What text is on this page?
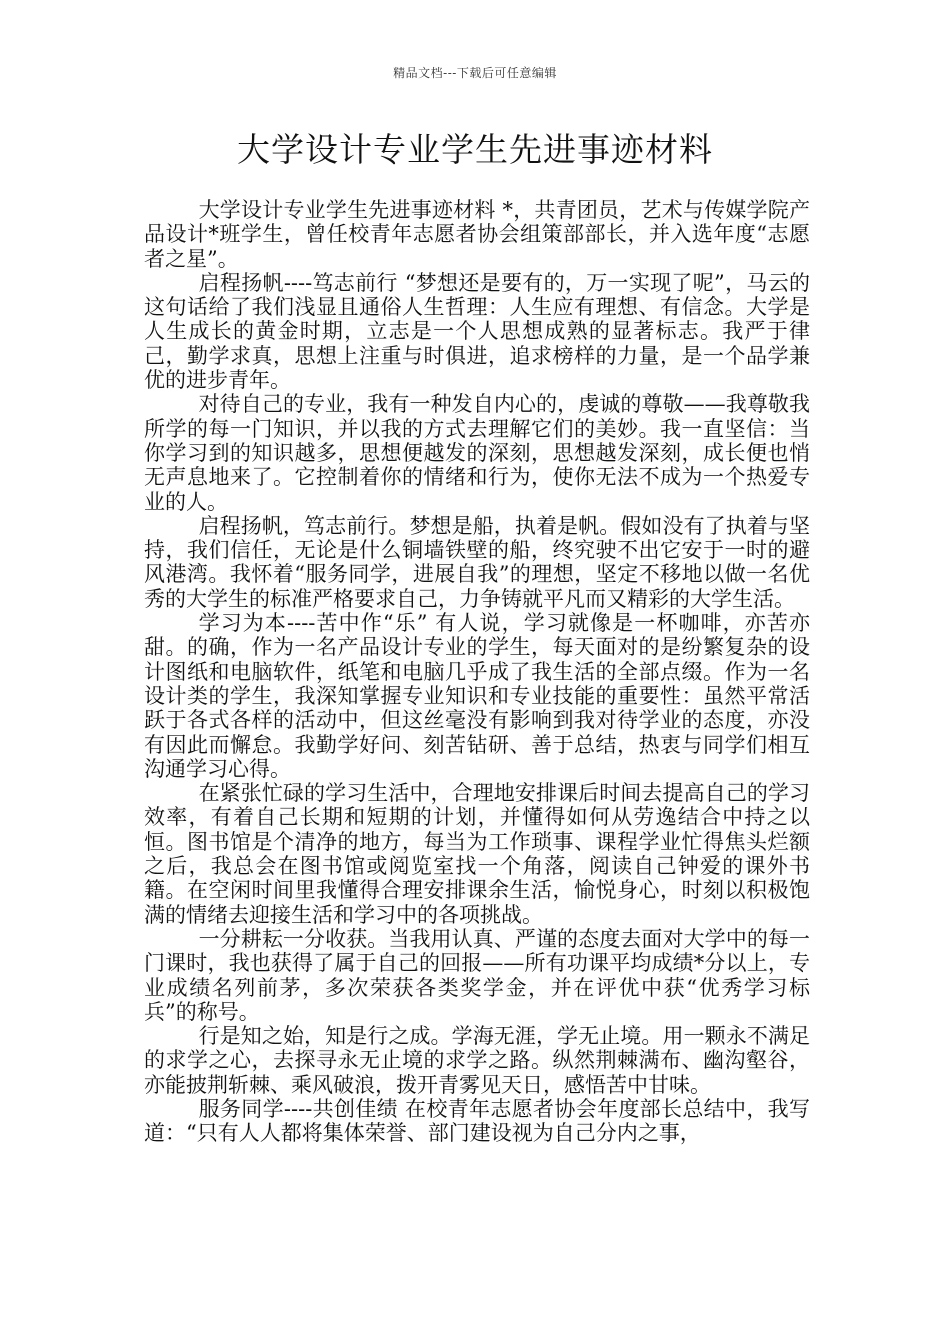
精品文档---下载后可任意编辑
大学设计专业学生先进事迹材料

大学设计专业学生先进事迹材料 *，共青团员，艺术与传媒学院产品设计*班学生，曾任校青年志愿者协会组策部部长，并入选年度“志愿者之星”。

启程扬帆----笃志前行 “梦想还是要有的，万一实现了呢”，马云的这句话给了我们浅显且通俗人生哲理：人生应有理想、有信念。大学是人生成长的黄金时期，立志是一个人思想成熟的显著标志。我严于律己，勤学求真，思想上注重与时俱进，追求榜样的力量，是一个品学兼优的进步青年。

对待自己的专业，我有一种发自内心的，虔诚的尊敬——我尊敬我所学的每一门知识，并以我的方式去理解它们的美妙。我一直坚信：当你学习到的知识越多，思想便越发的深刻，思想越发深刻，成长便也悄无声息地来了。它控制着你的情绪和行为，使你无法不成为一个热爱专业的人。

启程扬帆，笃志前行。梦想是船，执着是帆。假如没有了执着与坚持，我们信任，无论是什么铜墙铁壁的船，终究驶不出它安于一时的避风港湾。我怀着“服务同学，进展自我”的理想，坚定不移地以做一名优秀的大学生的标准严格要求自己，力争铸就平凡而又精彩的大学生活。

学习为本----苦中作“乐” 有人说，学习就像是一杯咖啡，亦苦亦甜。的确，作为一名产品设计专业的学生，每天面对的是纷繁复杂的设计图纸和电脑软件，纸笔和电脑几乎成了我生活的全部点缀。作为一名设计类的学生，我深知掌握专业知识和专业技能的重要性：虽然平常活跃于各式各样的活动中，但这丝毫没有影响到我对待学业的态度，亦没有因此而懈怠。我勤学好问、刻苦钻研、善于总结，热衷与同学们相互沟通学习心得。

在紧张忙碌的学习生活中，合理地安排课后时间去提高自己的学习效率，有着自己长期和短期的计划，并懂得如何从劳逸结合中持之以恒。图书馆是个清净的地方，每当为工作琐事、课程学业忙得焦头烂额之后，我总会在图书馆或阅览室找一个角落，阅读自己钟爱的课外书籍。在空闲时间里我懂得合理安排课余生活，愉悦身心，时刻以积极饱满的情绪去迎接生活和学习中的各项挑战。

一分耕耘一分收获。当我用认真、严谨的态度去面对大学中的每一门课时，我也获得了属于自己的回报——所有功课平均成绩*分以上，专业成绩名列前茅，多次荣获各类奖学金，并在评优中获“优秀学习标兵”的称号。

行是知之始，知是行之成。学海无涯，学无止境。用一颗永不满足的求学之心，去探寻永无止境的求学之路。纵然荆棘满布、幽沟壑谷，亦能披荆斩棘、乘风破浪，拨开青雾见天日，感悟苦中甘味。

服务同学----共创佳绩 在校青年志愿者协会年度部长总结中，我写道：“只有人人都将集体荣誉、部门建设视为自己分内之事，
